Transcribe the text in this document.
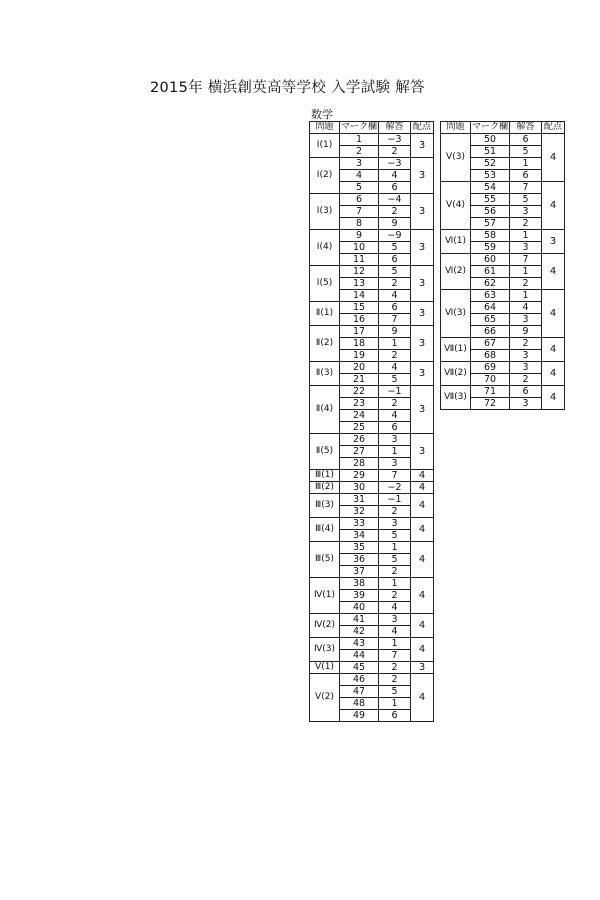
2015年 横浜創英高等学校 入学試験 解答
数学
問題	マーク欄	解答	配点
Ⅰ(1)	1	−3	3
	2	2	
Ⅰ(2)	3	−3	3
	4	4	
	5	6	
Ⅰ(3)	6	−4	3
	7	2	
	8	9	
Ⅰ(4)	9	−9	3
	10	5	
	11	6	
Ⅰ(5)	12	5	3
	13	2	
	14	4	
Ⅱ(1)	15	6	3
	16	7	
Ⅱ(2)	17	9	3
	18	1	
	19	2	
Ⅱ(3)	20	4	3
	21	5	
Ⅱ(4)	22	−1	3
	23	2	
	24	4	
	25	6	
Ⅱ(5)	26	3	3
	27	1	
	28	3	
Ⅲ(1)	29	7	4
Ⅲ(2)	30	−2	4
Ⅲ(3)	31	−1	4
	32	2	
Ⅲ(4)	33	3	4
	34	5	
Ⅲ(5)	35	1	4
	36	5	
	37	2	
Ⅳ(1)	38	1	4
	39	2	
	40	4	
Ⅳ(2)	41	3	4
	42	4	
Ⅳ(3)	43	1	4
	44	7	
Ⅴ(1)	45	2	3
Ⅴ(2)	46	2	4
	47	5	
	48	1	
	49	6	
問題	マーク欄	解答	配点
Ⅴ(3)	50	6	4
	51	5	
	52	1	
	53	6	
Ⅴ(4)	54	7	4
	55	5	
	56	3	
	57	2	
Ⅵ(1)	58	1	3
	59	3	
Ⅵ(2)	60	7	4
	61	1	
	62	2	
Ⅵ(3)	63	1	4
	64	4	
	65	3	
	66	9	
Ⅶ(1)	67	2	4
	68	3	
Ⅶ(2)	69	3	4
	70	2	
Ⅶ(3)	71	6	4
	72	3	
